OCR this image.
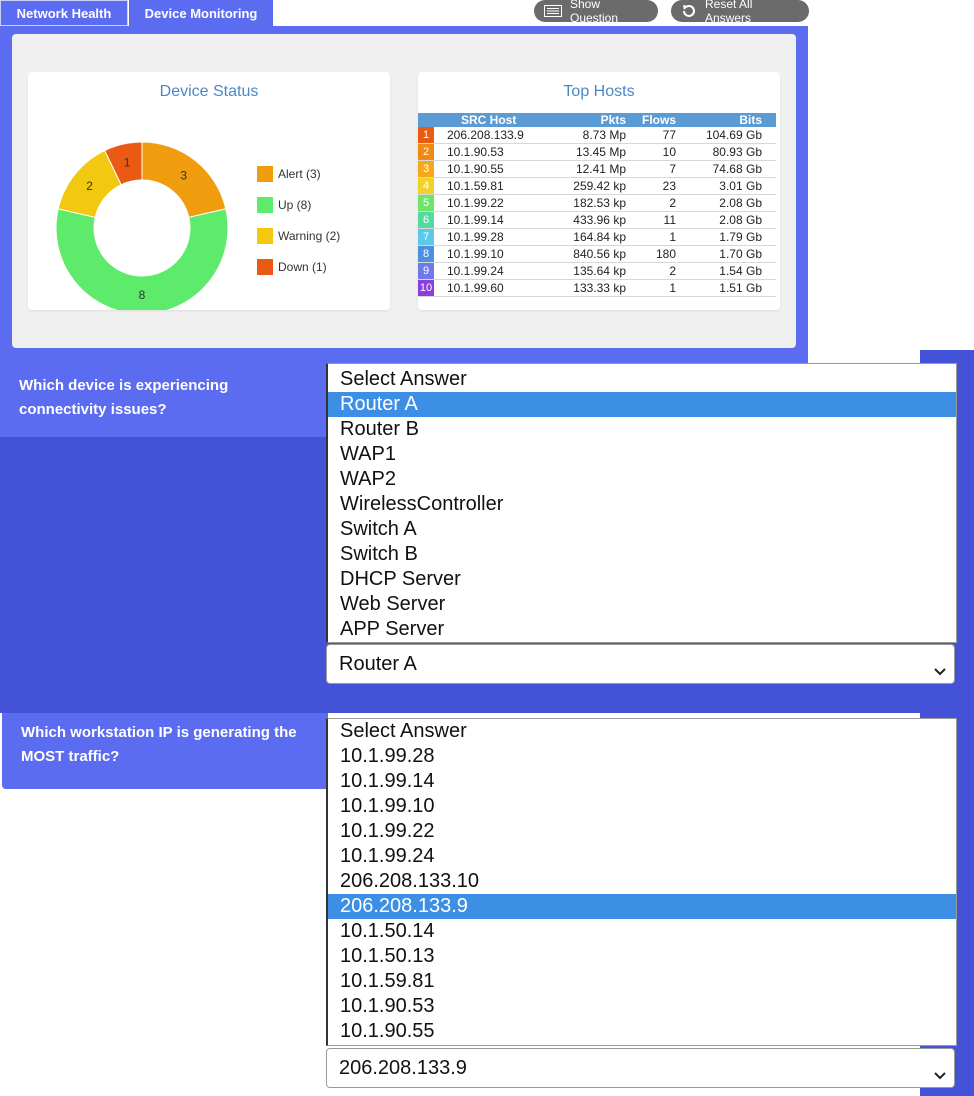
Network Health	Device Monitoring
Show Question
Reset All Answers
Device Status
3
8
2
1
Alert (3)
Up (8)
Warning (2)
Down (1)
Top Hosts
SRC Host	Pkts	Flows	Bits
1	206.208.133.9	8.73 Mp	77	104.69 Gb
2	10.1.90.53	13.45 Mp	10	80.93 Gb
3	10.1.90.55	12.41 Mp	7	74.68 Gb
4	10.1.59.81	259.42 kp	23	3.01 Gb
5	10.1.99.22	182.53 kp	2	2.08 Gb
6	10.1.99.14	433.96 kp	11	2.08 Gb
7	10.1.99.28	164.84 kp	1	1.79 Gb
8	10.1.99.10	840.56 kp	180	1.70 Gb
9	10.1.99.24	135.64 kp	2	1.54 Gb
10	10.1.99.60	133.33 kp	1	1.51 Gb
Which device is experiencing connectivity issues?
Which workstation IP is generating the MOST traffic?
Select Answer
Router A
Router B
WAP1
WAP2
WirelessController
Switch A
Switch B
DHCP Server
Web Server
APP Server
Router A
Select Answer
10.1.99.28
10.1.99.14
10.1.99.10
10.1.99.22
10.1.99.24
206.208.133.10
206.208.133.9
10.1.50.14
10.1.50.13
10.1.59.81
10.1.90.53
10.1.90.55
206.208.133.9
